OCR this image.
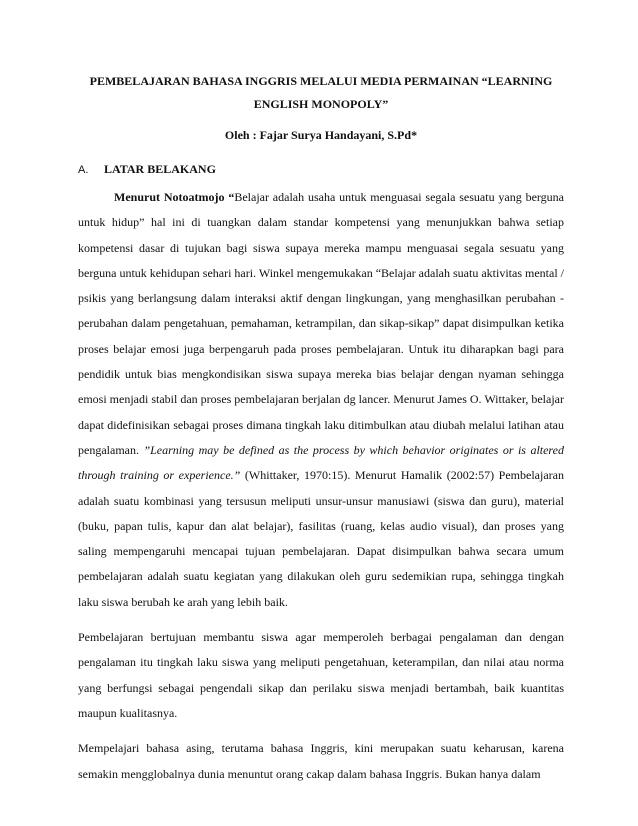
PEMBELAJARAN BAHASA INGGRIS MELALUI MEDIA PERMAINAN “LEARNING ENGLISH MONOPOLY”
Oleh : Fajar Surya Handayani, S.Pd*
A. LATAR BELAKANG

Menurut Notoatmojo “Belajar adalah usaha untuk menguasai segala sesuatu yang berguna untuk hidup” hal ini di tuangkan dalam standar kompetensi yang menunjukkan bahwa setiap kompetensi dasar di tujukan bagi siswa supaya mereka mampu menguasai segala sesuatu yang berguna untuk kehidupan sehari hari. Winkel mengemukakan “Belajar adalah suatu aktivitas mental / psikis yang berlangsung dalam interaksi aktif dengan lingkungan, yang menghasilkan perubahan - perubahan dalam pengetahuan, pemahaman, ketrampilan, dan sikap-sikap” dapat disimpulkan ketika proses belajar emosi juga berpengaruh pada proses pembelajaran. Untuk itu diharapkan bagi para pendidik untuk bias mengkondisikan siswa supaya mereka bias belajar dengan nyaman sehingga emosi menjadi stabil dan proses pembelajaran berjalan dg lancer. Menurut James O. Wittaker, belajar dapat didefinisikan sebagai proses dimana tingkah laku ditimbulkan atau diubah melalui latihan atau pengalaman. ”Learning may be defined as the process by which behavior originates or is altered through training or experience.” (Whittaker, 1970:15). Menurut Hamalik (2002:57) Pembelajaran adalah suatu kombinasi yang tersusun meliputi unsur-unsur manusiawi (siswa dan guru), material (buku, papan tulis, kapur dan alat belajar), fasilitas (ruang, kelas audio visual), dan proses yang saling mempengaruhi mencapai tujuan pembelajaran. Dapat disimpulkan bahwa secara umum pembelajaran adalah suatu kegiatan yang dilakukan oleh guru sedemikian rupa, sehingga tingkah laku siswa berubah ke arah yang lebih baik.

Pembelajaran bertujuan membantu siswa agar memperoleh berbagai pengalaman dan dengan pengalaman itu tingkah laku siswa yang meliputi pengetahuan, keterampilan, dan nilai atau norma yang berfungsi sebagai pengendali sikap dan perilaku siswa menjadi bertambah, baik kuantitas maupun kualitasnya.

Mempelajari bahasa asing, terutama bahasa Inggris, kini merupakan suatu keharusan, karena semakin mengglobalnya dunia menuntut orang cakap dalam bahasa Inggris. Bukan hanya dalam
